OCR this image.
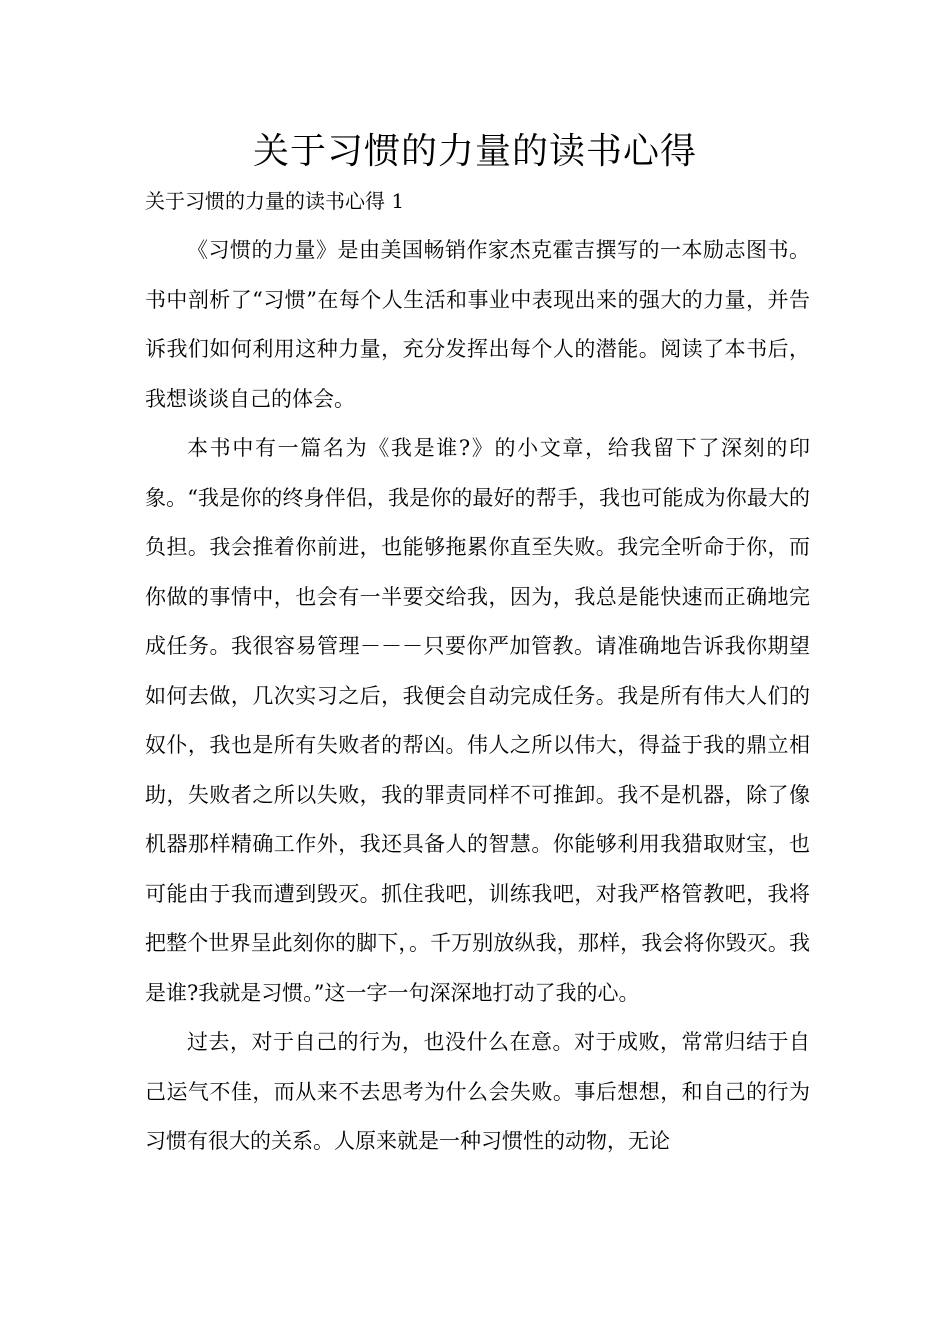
关于习惯的力量的读书心得
关于习惯的力量的读书心得 1

《习惯的力量》是由美国畅销作家杰克霍吉撰写的一本励志图书。书中剖析了“习惯”在每个人生活和事业中表现出来的强大的力量，并告诉我们如何利用这种力量，充分发挥出每个人的潜能。阅读了本书后，我想谈谈自己的体会。

本书中有一篇名为《我是谁?》的小文章，给我留下了深刻的印象。“我是你的终身伴侣，我是你的最好的帮手，我也可能成为你最大的负担。我会推着你前进，也能够拖累你直至失败。我完全听命于你，而你做的事情中，也会有一半要交给我，因为，我总是能快速而正确地完成任务。我很容易管理－－－只要你严加管教。请准确地告诉我你期望如何去做，几次实习之后，我便会自动完成任务。我是所有伟大人们的奴仆，我也是所有失败者的帮凶。伟人之所以伟大，得益于我的鼎立相助，失败者之所以失败，我的罪责同样不可推卸。我不是机器，除了像机器那样精确工作外，我还具备人的智慧。你能够利用我猎取财宝，也可能由于我而遭到毁灭。抓住我吧，训练我吧，对我严格管教吧，我将把整个世界呈此刻你的脚下，。千万别放纵我，那样，我会将你毁灭。我是谁?我就是习惯。”这一字一句深深地打动了我的心。

过去，对于自己的行为，也没什么在意。对于成败，常常归结于自己运气不佳，而从来不去思考为什么会失败。事后想想，和自己的行为习惯有很大的关系。人原来就是一种习惯性的动物，无论
